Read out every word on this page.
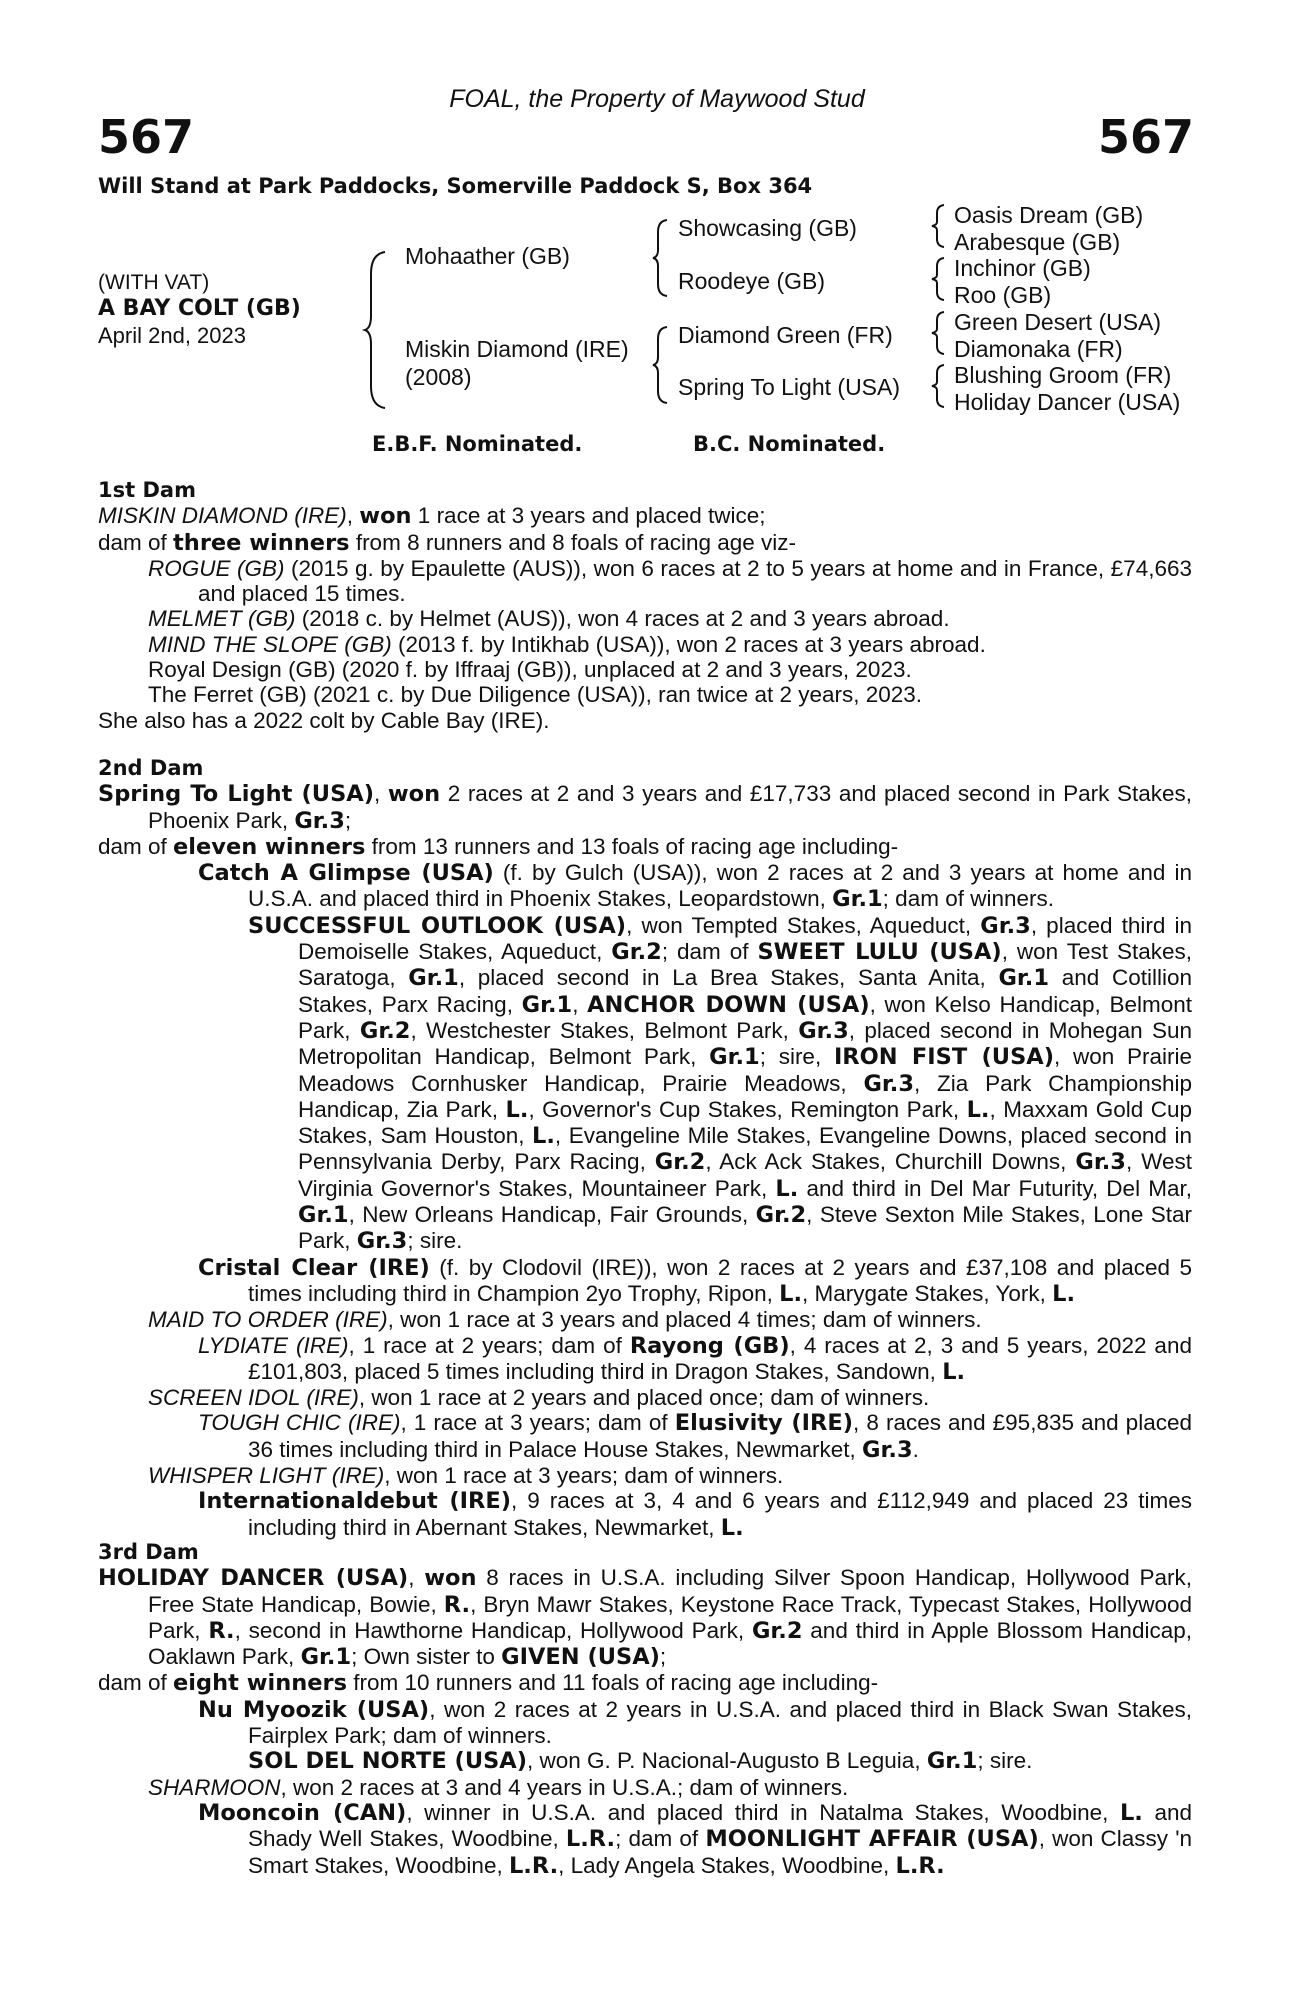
FOAL, the Property of Maywood Stud
567	567
Will Stand at Park Paddocks, Somerville Paddock S, Box 364
(WITH VAT)
A BAY COLT (GB)
April 2nd, 2023
Mohaather (GB)
Miskin Diamond (IRE)
(2008)
Showcasing (GB)
Roodeye (GB)
Diamond Green (FR)
Spring To Light (USA)
Oasis Dream (GB)
Arabesque (GB)
Inchinor (GB)
Roo (GB)
Green Desert (USA)
Diamonaka (FR)
Blushing Groom (FR)
Holiday Dancer (USA)
E.B.F. Nominated.	B.C. Nominated.

1st Dam

MISKIN DIAMOND (IRE), won 1 race at 3 years and placed twice;

dam of three winners from 8 runners and 8 foals of racing age viz-

ROGUE (GB) (2015 g. by Epaulette (AUS)), won 6 races at 2 to 5 years at home and in France, £74,663 and placed 15 times.

MELMET (GB) (2018 c. by Helmet (AUS)), won 4 races at 2 and 3 years abroad.

MIND THE SLOPE (GB) (2013 f. by Intikhab (USA)), won 2 races at 3 years abroad.

Royal Design (GB) (2020 f. by Iffraaj (GB)), unplaced at 2 and 3 years, 2023.

The Ferret (GB) (2021 c. by Due Diligence (USA)), ran twice at 2 years, 2023.

She also has a 2022 colt by Cable Bay (IRE).

2nd Dam

Spring To Light (USA), won 2 races at 2 and 3 years and £17,733 and placed second in Park Stakes, Phoenix Park, Gr.3;

dam of eleven winners from 13 runners and 13 foals of racing age including-

Catch A Glimpse (USA) (f. by Gulch (USA)), won 2 races at 2 and 3 years at home and in U.S.A. and placed third in Phoenix Stakes, Leopardstown, Gr.1; dam of winners.

SUCCESSFUL OUTLOOK (USA), won Tempted Stakes, Aqueduct, Gr.3, placed third in Demoiselle Stakes, Aqueduct, Gr.2; dam of SWEET LULU (USA), won Test Stakes, Saratoga, Gr.1, placed second in La Brea Stakes, Santa Anita, Gr.1 and Cotillion Stakes, Parx Racing, Gr.1, ANCHOR DOWN (USA), won Kelso Handicap, Belmont Park, Gr.2, Westchester Stakes, Belmont Park, Gr.3, placed second in Mohegan Sun Metropolitan Handicap, Belmont Park, Gr.1; sire, IRON FIST (USA), won Prairie Meadows Cornhusker Handicap, Prairie Meadows, Gr.3, Zia Park Championship Handicap, Zia Park, L., Governor's Cup Stakes, Remington Park, L., Maxxam Gold Cup Stakes, Sam Houston, L., Evangeline Mile Stakes, Evangeline Downs, placed second in Pennsylvania Derby, Parx Racing, Gr.2, Ack Ack Stakes, Churchill Downs, Gr.3, West Virginia Governor's Stakes, Mountaineer Park, L. and third in Del Mar Futurity, Del Mar, Gr.1, New Orleans Handicap, Fair Grounds, Gr.2, Steve Sexton Mile Stakes, Lone Star Park, Gr.3; sire.

Cristal Clear (IRE) (f. by Clodovil (IRE)), won 2 races at 2 years and £37,108 and placed 5 times including third in Champion 2yo Trophy, Ripon, L., Marygate Stakes, York, L.

MAID TO ORDER (IRE), won 1 race at 3 years and placed 4 times; dam of winners.

LYDIATE (IRE), 1 race at 2 years; dam of Rayong (GB), 4 races at 2, 3 and 5 years, 2022 and £101,803, placed 5 times including third in Dragon Stakes, Sandown, L.

SCREEN IDOL (IRE), won 1 race at 2 years and placed once; dam of winners.

TOUGH CHIC (IRE), 1 race at 3 years; dam of Elusivity (IRE), 8 races and £95,835 and placed 36 times including third in Palace House Stakes, Newmarket, Gr.3.

WHISPER LIGHT (IRE), won 1 race at 3 years; dam of winners.

Internationaldebut (IRE), 9 races at 3, 4 and 6 years and £112,949 and placed 23 times including third in Abernant Stakes, Newmarket, L.

3rd Dam

HOLIDAY DANCER (USA), won 8 races in U.S.A. including Silver Spoon Handicap, Hollywood Park, Free State Handicap, Bowie, R., Bryn Mawr Stakes, Keystone Race Track, Typecast Stakes, Hollywood Park, R., second in Hawthorne Handicap, Hollywood Park, Gr.2 and third in Apple Blossom Handicap, Oaklawn Park, Gr.1; Own sister to GIVEN (USA);

dam of eight winners from 10 runners and 11 foals of racing age including-

Nu Myoozik (USA), won 2 races at 2 years in U.S.A. and placed third in Black Swan Stakes, Fairplex Park; dam of winners.

SOL DEL NORTE (USA), won G. P. Nacional-Augusto B Leguia, Gr.1; sire.

SHARMOON, won 2 races at 3 and 4 years in U.S.A.; dam of winners.

Mooncoin (CAN), winner in U.S.A. and placed third in Natalma Stakes, Woodbine, L. and Shady Well Stakes, Woodbine, L.R.; dam of MOONLIGHT AFFAIR (USA), won Classy 'n Smart Stakes, Woodbine, L.R., Lady Angela Stakes, Woodbine, L.R.
